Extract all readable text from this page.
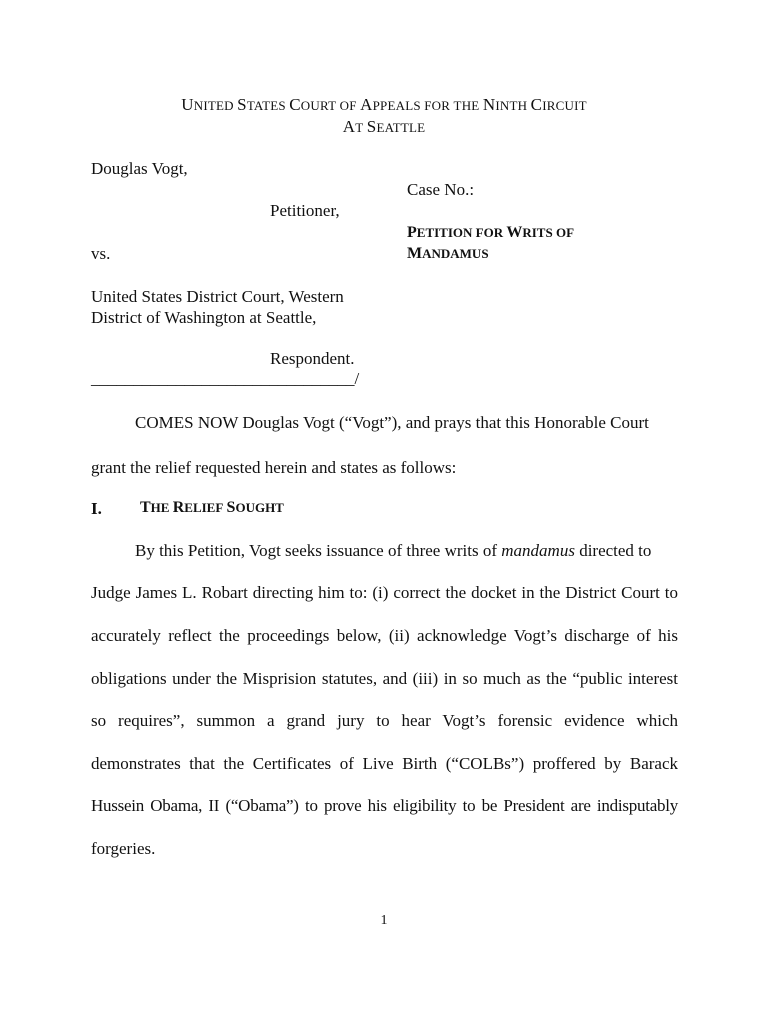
UNITED STATES COURT OF APPEALS FOR THE NINTH CIRCUIT
AT SEATTLE
Douglas Vogt,
Petitioner,
vs.
United States District Court, Western
District of Washington at Seattle,
Respondent.
_______________________________/
Case No.:
PETITION FOR WRITS OF
MANDAMUS
COMES NOW Douglas Vogt (“Vogt”), and prays that this Honorable Court
grant the relief requested herein and states as follows:
I. THE RELIEF SOUGHT
By this Petition, Vogt seeks issuance of three writs of mandamus directed to
Judge James L. Robart directing him to: (i) correct the docket in the District Court to
accurately reflect the proceedings below, (ii) acknowledge Vogt’s discharge of his
obligations under the Misprision statutes, and (iii) in so much as the “public interest
so requires”, summon a grand jury to hear Vogt’s forensic evidence which
demonstrates that the Certificates of Live Birth (“COLBs”) proffered by Barack
Hussein Obama, II (“Obama”) to prove his eligibility to be President are indisputably
forgeries.
1
